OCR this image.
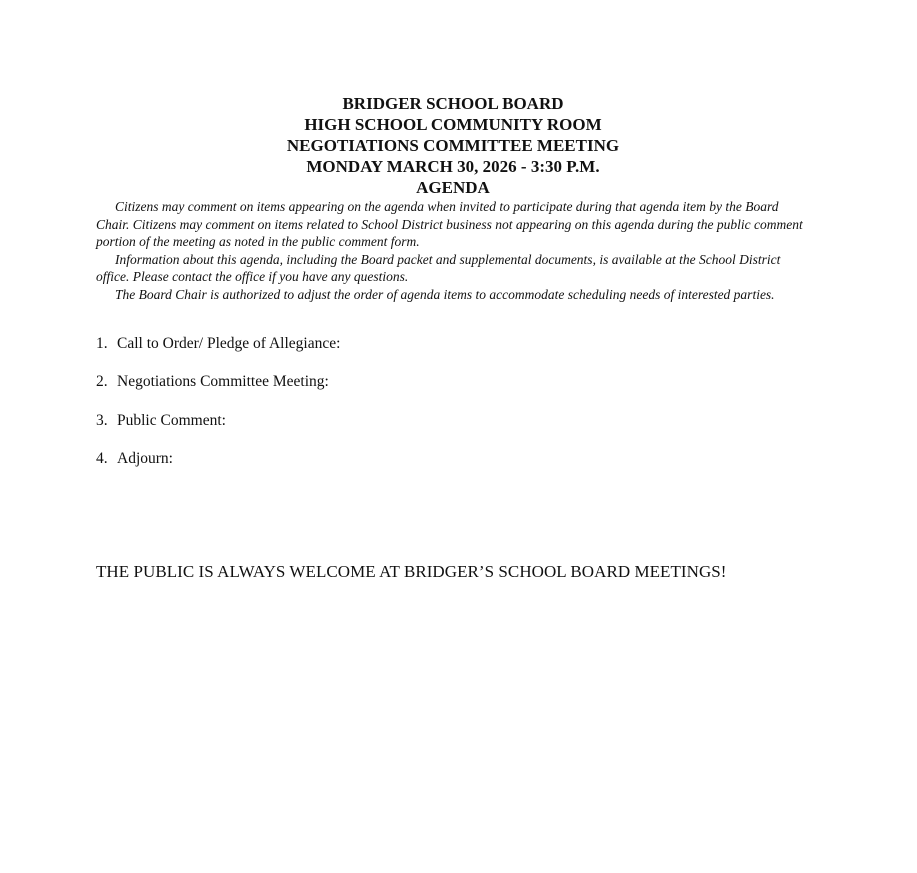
BRIDGER SCHOOL BOARD
HIGH SCHOOL COMMUNITY ROOM
NEGOTIATIONS COMMITTEE MEETING
MONDAY MARCH 30, 2026 - 3:30 P.M.
AGENDA

Citizens may comment on items appearing on the agenda when invited to participate during that agenda item by the Board Chair. Citizens may comment on items related to School District business not appearing on this agenda during the public comment portion of the meeting as noted in the public comment form.

Information about this agenda, including the Board packet and supplemental documents, is available at the School District office. Please contact the office if you have any questions.

The Board Chair is authorized to adjust the order of agenda items to accommodate scheduling needs of interested parties.

1. Call to Order/ Pledge of Allegiance:
2. Negotiations Committee Meeting:
3. Public Comment:
4. Adjourn:
THE PUBLIC IS ALWAYS WELCOME AT BRIDGER’S SCHOOL BOARD MEETINGS!
